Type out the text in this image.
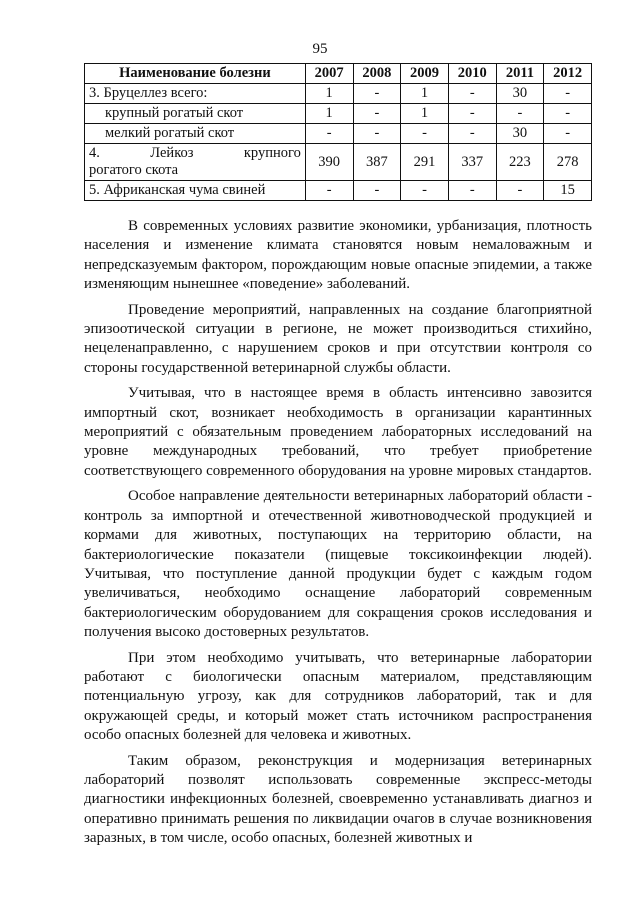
95
Наименование болезни	2007	2008	2009	2010	2011	2012
3. Бруцеллез всего:	1	-	1	-	30	-
крупный рогатый скот	1	-	1	-	-	-
мелкий рогатый скот	-	-	-	-	30	-

4. Лейкоз крупного
рогатого скота	390	387	291	337	223	278
5. Африканская чума свиней	-	-	-	-	-	15

В современных условиях развитие экономики, урбанизация, плотность населения и изменение климата становятся новым немаловажным и непредсказуемым фактором, порождающим новые опасные эпидемии, а также изменяющим нынешнее «поведение» заболеваний.

Проведение мероприятий, направленных на создание благоприятной эпизоотической ситуации в регионе, не может производиться стихийно, нецеленаправленно, с нарушением сроков и при отсутствии контроля со стороны государственной ветеринарной службы области.

Учитывая, что в настоящее время в область интенсивно завозится импортный скот, возникает необходимость в организации карантинных мероприятий с обязательным проведением лабораторных исследований на уровне международных требований, что требует приобретение соответствующего современного оборудования на уровне мировых стандартов.

Особое направление деятельности ветеринарных лабораторий области - контроль за импортной и отечественной животноводческой продукцией и кормами для животных, поступающих на территорию области, на бактериологические показатели (пищевые токсикоинфекции людей). Учитывая, что поступление данной продукции будет с каждым годом увеличиваться, необходимо оснащение лабораторий современным бактериологическим оборудованием для сокращения сроков исследования и получения высоко достоверных результатов.

При этом необходимо учитывать, что ветеринарные лаборатории работают с биологически опасным материалом, представляющим потенциальную угрозу, как для сотрудников лабораторий, так и для окружающей среды, и который может стать источником распространения особо опасных болезней для человека и животных.

Таким образом, реконструкция и модернизация ветеринарных лабораторий позволят использовать современные экспресс-методы диагностики инфекционных болезней, своевременно устанавливать диагноз и оперативно принимать решения по ликвидации очагов в случае возникновения заразных, в том числе, особо опасных, болезней животных и
